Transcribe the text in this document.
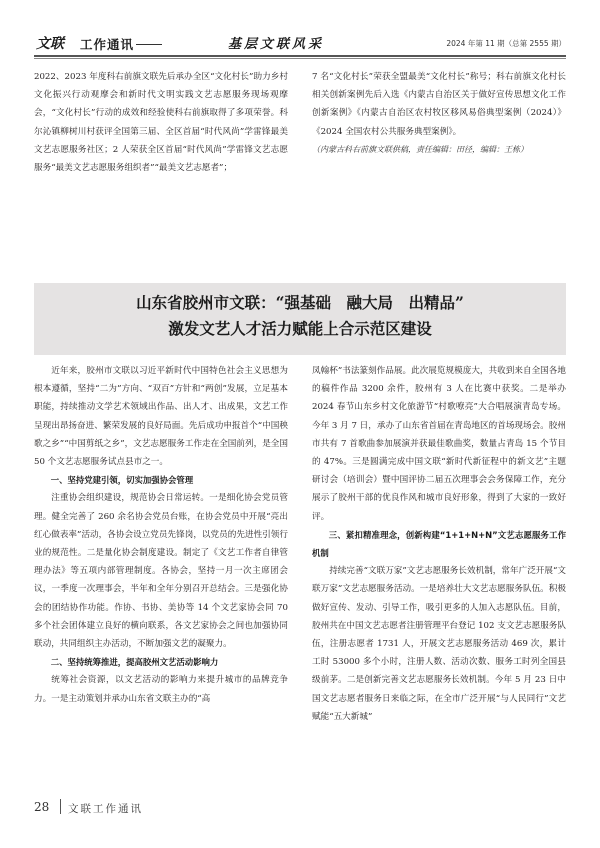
文联 工作通讯	基层文联风采	2024 年第 11 期（总第 2555 期）

2022、2023 年度科右前旗文联先后承办全区“文化村长”助力乡村文化振兴行动观摩会和新时代文明实践文艺志愿服务现场观摩会，“文化村长”行动的成效和经验使科右前旗取得了多项荣誉。科尔沁镇柳树川村获评全国第三届、全区首届“时代风尚”学雷锋最美文艺志愿服务社区；2 人荣获全区首届“时代风尚”学雷锋文艺志愿服务“最美文艺志愿服务组织者”“最美文艺志愿者”；

7 名“文化村长”荣获全盟最美“文化村长”称号；科右前旗文化村长相关创新案例先后入选《内蒙古自治区关于做好宣传思想文化工作创新案例》《内蒙古自治区农村牧区移风易俗典型案例（2024）》《2024 全国农村公共服务典型案例》。

（内蒙古科右前旗文联供稿，责任编辑：田径，编辑：王栋）
山东省胶州市文联：“强基础　融大局　出精品”
激发文艺人才活力赋能上合示范区建设

近年来，胶州市文联以习近平新时代中国特色社会主义思想为根本遵循，坚持“二为”方向、“双百”方针和“两创”发展，立足基本职能，持续推动文学艺术领域出作品、出人才、出成果，文艺工作呈现出昂扬奋进、繁荣发展的良好局面。先后成功申报首个“中国秧歌之乡”“中国剪纸之乡”，文艺志愿服务工作走在全国前列，是全国 50 个文艺志愿服务试点县市之一。

一、坚持党建引领，切实加强协会管理

注重协会组织建设，规范协会日常运转。一是细化协会党员管理。健全完善了 260 余名协会党员台账，在协会党员中开展“亮出红心做表率”活动，各协会设立党员先锋岗，以党员的先进性引领行业的规范性。二是量化协会制度建设。制定了《文艺工作者自律管理办法》等五项内部管理制度。各协会，坚持一月一次主席团会议，一季度一次理事会，半年和全年分别召开总结会。三是强化协会的团结协作功能。作协、书协、美协等 14 个文艺家协会同 70 多个社会团体建立良好的横向联系，各文艺家协会之间也加强协同联动，共同组织主办活动，不断加强文艺的凝聚力。

二、坚持统筹推进，提高胶州文艺活动影响力

统筹社会资源，以文艺活动的影响力来提升城市的品牌竞争力。一是主动策划并承办山东省文联主办的“高

凤翰杯”书法篆刻作品展。此次展览规模庞大，共收到来自全国各地的稿件作品 3200 余件，胶州有 3 人在比赛中获奖。二是举办 2024 春节山东乡村文化旅游节“村歌嘹亮”大合唱展演青岛专场。今年 3 月 7 日，承办了山东省首届在青岛地区的首场现场会。胶州市共有 7 首歌曲参加展演并获最佳歌曲奖，数量占青岛 15 个节目的 47%。三是圆满完成中国文联“新时代新征程中的新文艺”主题研讨会（培训会）暨中国评协二届五次理事会会务保障工作，充分展示了胶州干部的优良作风和城市良好形象，得到了大家的一致好评。

三、紧扣精准理念，创新构建“1+1+N+N”文艺志愿服务工作机制

持续完善“文联万家”文艺志愿服务长效机制，常年广泛开展“文联万家”文艺志愿服务活动。一是培养壮大文艺志愿服务队伍。积极做好宣传、发动、引导工作，吸引更多的人加入志愿队伍。目前，胶州共在中国文艺志愿者注册管理平台登记 102 支文艺志愿服务队伍，注册志愿者 1731 人，开展文艺志愿服务活动 469 次，累计工时 53000 多个小时，注册人数、活动次数、服务工时列全国县级前茅。二是创新完善文艺志愿服务长效机制。今年 5 月 23 日中国文艺志愿者服务日来临之际，在全市广泛开展“与人民同行”文艺赋能“五大新城”

28 文联工作通讯
